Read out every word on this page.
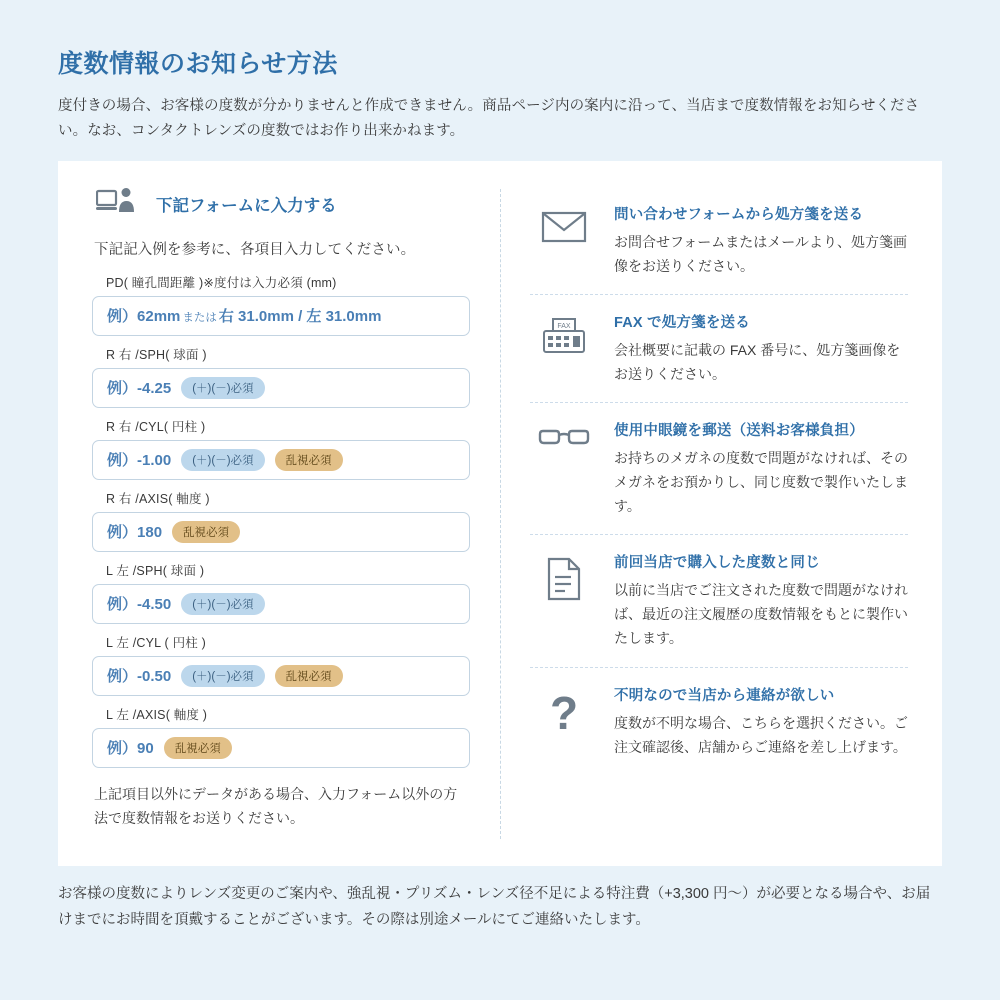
度数情報のお知らせ方法

度付きの場合、お客様の度数が分かりませんと作成できません。商品ページ内の案内に沿って、当店まで度数情報をお知らせください。なお、コンタクトレンズの度数ではお作り出来かねます。

下記フォームに入力する

下記記入例を参考に、各項目入力してください。

PD( 瞳孔間距離 )※度付は入力必須 (mm)
例）62mm または 右 31.0mm / 左 31.0mm
R 右 /SPH( 球面 )
例）-4.25	(＋)(－)必須
R 右 /CYL( 円柱 )
例）-1.00	(＋)(－)必須	乱視必須
R 右 /AXIS( 軸度 )
例）180	乱視必須
L 左 /SPH( 球面 )
例）-4.50	(＋)(－)必須
L 左 /CYL ( 円柱 )
例）-0.50	(＋)(－)必須	乱視必須
L 左 /AXIS( 軸度 )
例）90	乱視必須

上記項目以外にデータがある場合、入力フォーム以外の方法で度数情報をお送りください。

問い合わせフォームから処方箋を送る
お問合せフォームまたはメールより、処方箋画像をお送りください。
FAX	FAX で処方箋を送る
会社概要に記載の FAX 番号に、処方箋画像をお送りください。
使用中眼鏡を郵送（送料お客様負担）
お持ちのメガネの度数で問題がなければ、そのメガネをお預かりし、同じ度数で製作いたします。
前回当店で購入した度数と同じ
以前に当店でご注文された度数で問題がなければ、最近の注文履歴の度数情報をもとに製作いたします。
? 不明なので当店から連絡が欲しい
度数が不明な場合、こちらを選択ください。ご注文確認後、店舗からご連絡を差し上げます。

お客様の度数によりレンズ変更のご案内や、強乱視・プリズム・レンズ径不足による特注費（+3,300 円～）が必要となる場合や、お届けまでにお時間を頂戴することがございます。その際は別途メールにてご連絡いたします。
